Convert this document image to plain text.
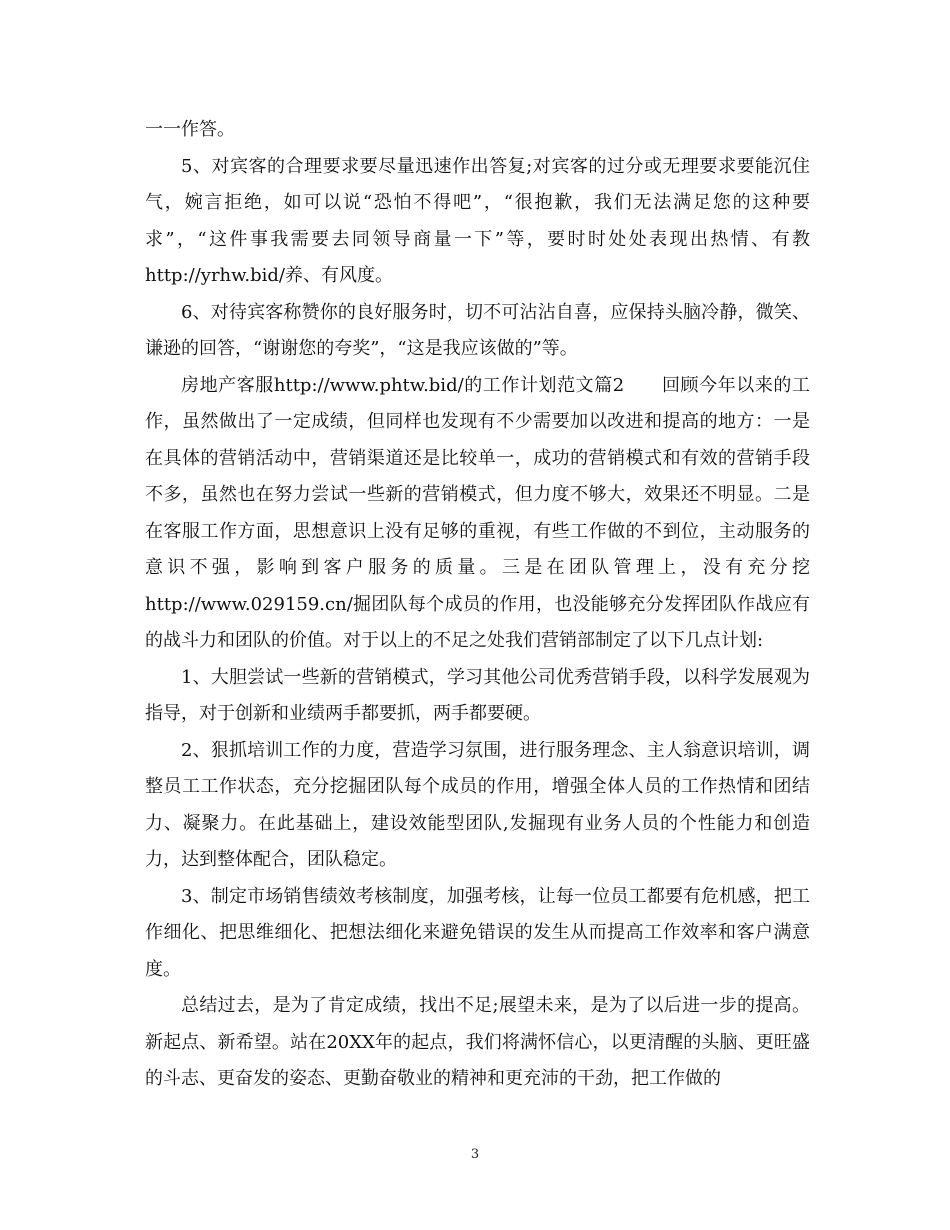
一一作答。

5、对宾客的合理要求要尽量迅速作出答复;对宾客的过分或无理要求要能沉住气，婉言拒绝，如可以说“恐怕不得吧”，“很抱歉，我们无法满足您的这种要求”，“这件事我需要去同领导商量一下”等，要时时处处表现出热情、有教http://yrhw.bid/养、有风度。

6、对待宾客称赞你的良好服务时，切不可沾沾自喜，应保持头脑冷静，微笑、谦逊的回答，“谢谢您的夸奖”，“这是我应该做的”等。

房地产客服http://www.phtw.bid/的工作计划范文篇2　　回顾今年以来的工作，虽然做出了一定成绩，但同样也发现有不少需要加以改进和提高的地方：一是在具体的营销活动中，营销渠道还是比较单一，成功的营销模式和有效的营销手段不多，虽然也在努力尝试一些新的营销模式，但力度不够大，效果还不明显。二是在客服工作方面，思想意识上没有足够的重视，有些工作做的不到位，主动服务的意识不强，影响到客户服务的质量。三是在团队管理上，没有充分挖http://www.029159.cn/掘团队每个成员的作用，也没能够充分发挥团队作战应有的战斗力和团队的价值。对于以上的不足之处我们营销部制定了以下几点计划:

1、大胆尝试一些新的营销模式，学习其他公司优秀营销手段，以科学发展观为指导，对于创新和业绩两手都要抓，两手都要硬。

2、狠抓培训工作的力度，营造学习氛围，进行服务理念、主人翁意识培训，调整员工工作状态，充分挖掘团队每个成员的作用，增强全体人员的工作热情和团结力、凝聚力。在此基础上，建设效能型团队,发掘现有业务人员的个性能力和创造力，达到整体配合，团队稳定。

3、制定市场销售绩效考核制度，加强考核，让每一位员工都要有危机感，把工作细化、把思维细化、把想法细化来避免错误的发生从而提高工作效率和客户满意度。

总结过去，是为了肯定成绩，找出不足;展望未来，是为了以后进一步的提高。新起点、新希望。站在20XX年的起点，我们将满怀信心，以更清醒的头脑、更旺盛的斗志、更奋发的姿态、更勤奋敬业的精神和更充沛的干劲，把工作做的

3
